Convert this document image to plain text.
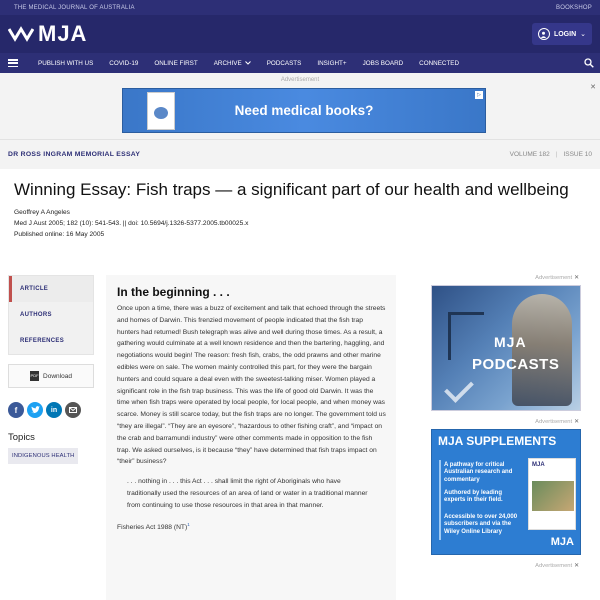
THE MEDICAL JOURNAL OF AUSTRALIA	BOOKSHOP
MJA	LOGIN ⌄
PUBLISH WITH US	COVID-19	ONLINE FIRST	ARCHIVE	PODCASTS	INSIGHT+	JOBS BOARD	CONNECTED
Advertisement
✕
Need medical books?
▷
DR ROSS INGRAM MEMORIAL ESSAY	VOLUME 182 | ISSUE 10
Winning Essay: Fish traps — a significant part of our health and wellbeing
Geoffrey A Angeles
Med J Aust 2005; 182 (10): 541-543. || doi: 10.5694/j.1326-5377.2005.tb00025.x
Published online: 16 May 2005
ARTICLE
AUTHORS
REFERENCES
PDF Download
f	in
Topics
INDIGENOUS HEALTH
In the beginning . . .

Once upon a time, there was a buzz of excitement and talk that echoed through the streets and homes of Darwin. This frenzied movement of people indicated that the fish trap hunters had returned! Bush telegraph was alive and well during those times. As a result, a gathering would culminate at a well known residence and then the bartering, haggling, and negotiations would begin! The reason: fresh fish, crabs, the odd prawns and other marine edibles were on sale. The women mainly controlled this part, for they were the bargain hunters and could square a deal even with the sweetest-talking miser. Women played a significant role in the fish trap business. This was the life of good old Darwin. It was the time when fish traps were operated by local people, for local people, and when money was scarce. Money is still scarce today, but the fish traps are no longer. The government told us “they are illegal”. “They are an eyesore”, “hazardous to other fishing craft”, and “impact on the crab and barramundi industry” were other comments made in opposition to the fish trap. We asked ourselves, is it because “they” have determined that fish traps impact on “their” business?

. . . nothing in . . . this Act . . . shall limit the right of Aboriginals who have traditionally used the resources of an area of land or water in a traditional manner from continuing to use those resources in that area in that manner.

Fisheries Act 1988 (NT)$^1$

Advertisement ✕
MJA
PODCASTS
Advertisement ✕
MJA SUPPLEMENTS
A pathway for critical Australian research and commentary
Authored by leading experts in their field.
Accessible to over 24,000 subscribers and via the Wiley Online Library
MJA
MJA
Advertisement ✕
